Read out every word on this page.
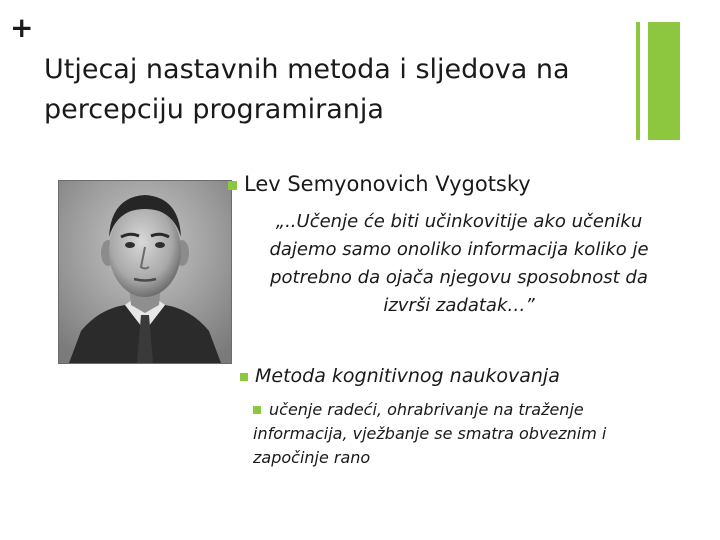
+
Utjecaj nastavnih metoda i sljedova na percepciju programiranja
Lev Semyonovich Vygotsky
„..Učenje će biti učinkovitije ako učeniku dajemo samo onoliko informacija koliko je potrebno da ojača njegovu sposobnost da izvrši zadatak…”
Metoda kognitivnog naukovanja
učenje radeći, ohrabrivanje na traženje informacija, vježbanje se smatra obveznim i započinje rano
